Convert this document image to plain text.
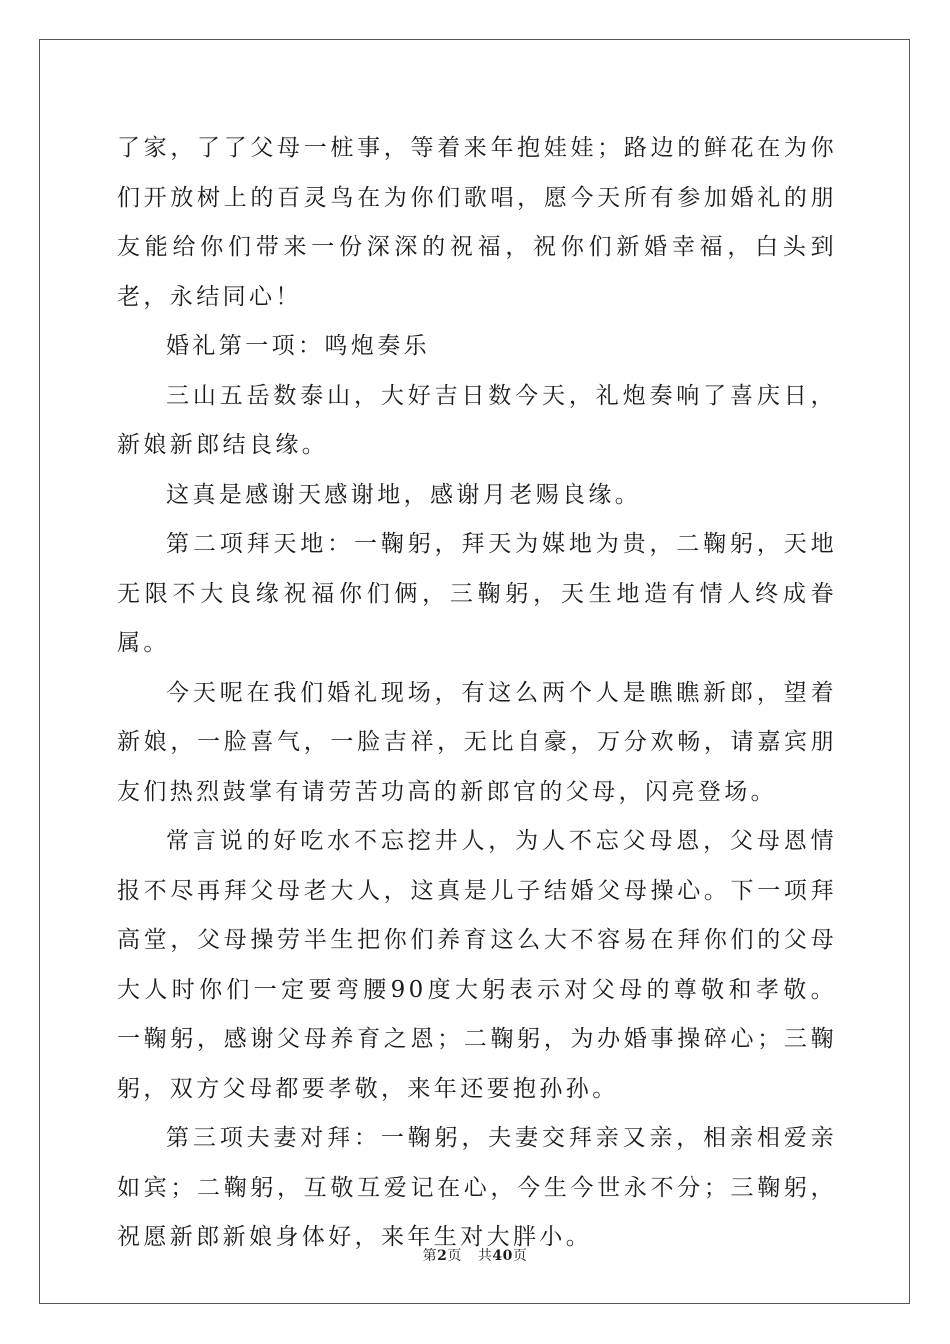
了家，了了父母一桩事，等着来年抱娃娃；路边的鲜花在为你们开放树上的百灵鸟在为你们歌唱，愿今天所有参加婚礼的朋友能给你们带来一份深深的祝福，祝你们新婚幸福，白头到老，永结同心！

婚礼第一项：鸣炮奏乐

三山五岳数泰山，大好吉日数今天，礼炮奏响了喜庆日，新娘新郎结良缘。

这真是感谢天感谢地，感谢月老赐良缘。

第二项拜天地：一鞠躬，拜天为媒地为贵，二鞠躬，天地无限不大良缘祝福你们俩，三鞠躬，天生地造有情人终成眷属。

今天呢在我们婚礼现场，有这么两个人是瞧瞧新郎，望着新娘，一脸喜气，一脸吉祥，无比自豪，万分欢畅，请嘉宾朋友们热烈鼓掌有请劳苦功高的新郎官的父母，闪亮登场。

常言说的好吃水不忘挖井人，为人不忘父母恩，父母恩情报不尽再拜父母老大人，这真是儿子结婚父母操心。下一项拜高堂，父母操劳半生把你们养育这么大不容易在拜你们的父母大人时你们一定要弯腰90度大躬表示对父母的尊敬和孝敬。一鞠躬，感谢父母养育之恩；二鞠躬，为办婚事操碎心；三鞠躬，双方父母都要孝敬，来年还要抱孙孙。

第三项夫妻对拜：一鞠躬，夫妻交拜亲又亲，相亲相爱亲如宾；二鞠躬，互敬互爱记在心，今生今世永不分；三鞠躬，祝愿新郎新娘身体好，来年生对大胖小。

第2页 共40页
